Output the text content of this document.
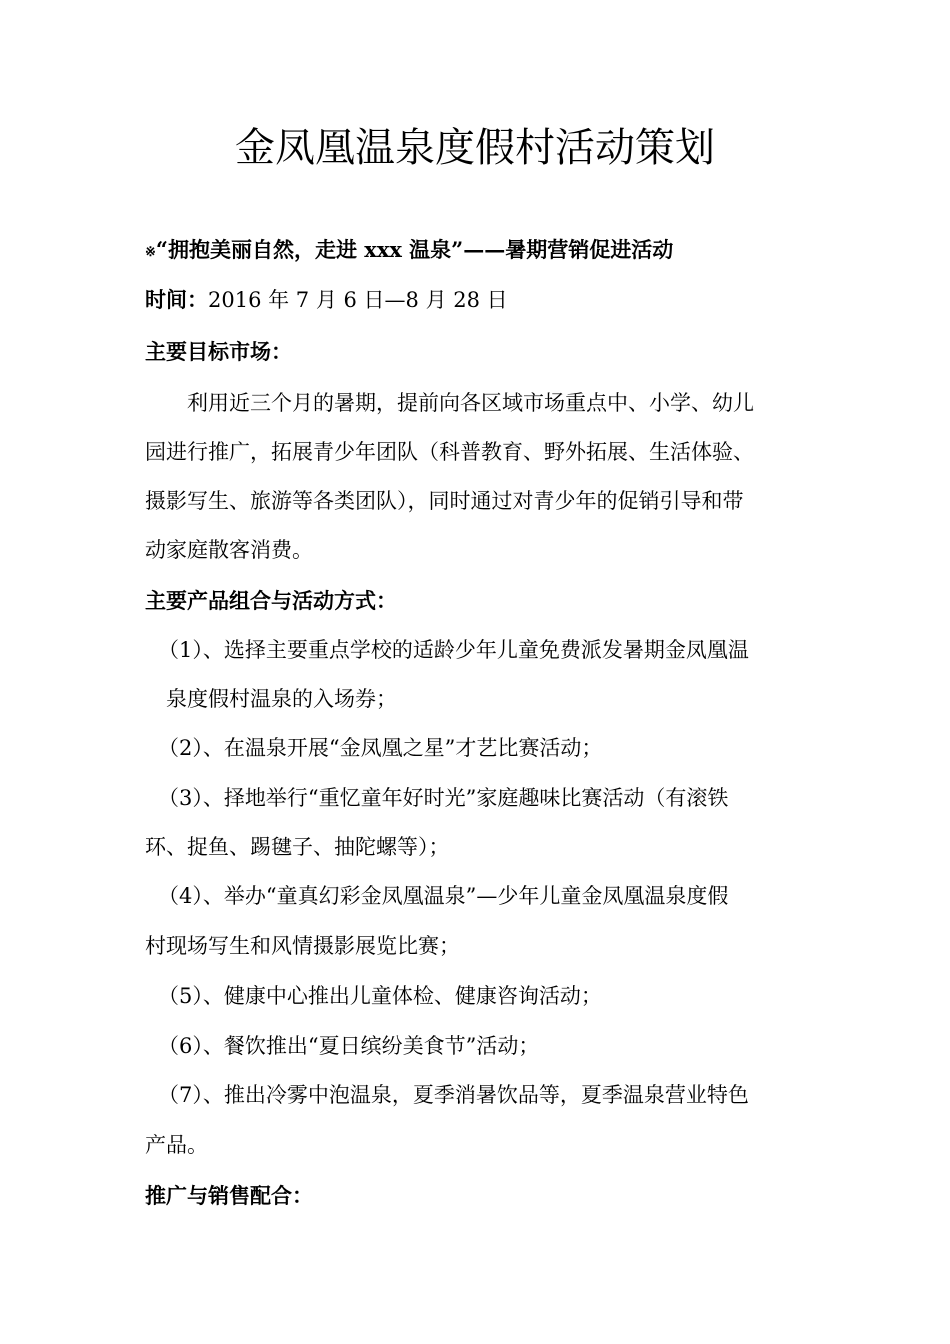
金凤凰温泉度假村活动策划

※“拥抱美丽自然，走进 xxx 温泉”——暑期营销促进活动

时间：2016 年 7 月 6 日—8 月 28 日

主要目标市场：

利用近三个月的暑期，提前向各区域市场重点中、小学、幼儿

园进行推广，拓展青少年团队（科普教育、野外拓展、生活体验、

摄影写生、旅游等各类团队），同时通过对青少年的促销引导和带

动家庭散客消费。

主要产品组合与活动方式：

（1）、选择主要重点学校的适龄少年儿童免费派发暑期金凤凰温

泉度假村温泉的入场券；

（2）、在温泉开展“金凤凰之星”才艺比赛活动；

（3）、择地举行“重忆童年好时光”家庭趣味比赛活动（有滚铁

环、捉鱼、踢毽子、抽陀螺等）；

（4）、举办“童真幻彩金凤凰温泉”—少年儿童金凤凰温泉度假

村现场写生和风情摄影展览比赛；

（5）、健康中心推出儿童体检、健康咨询活动；

（6）、餐饮推出“夏日缤纷美食节”活动；

（7）、推出冷雾中泡温泉，夏季消暑饮品等，夏季温泉营业特色

产品。

推广与销售配合：
